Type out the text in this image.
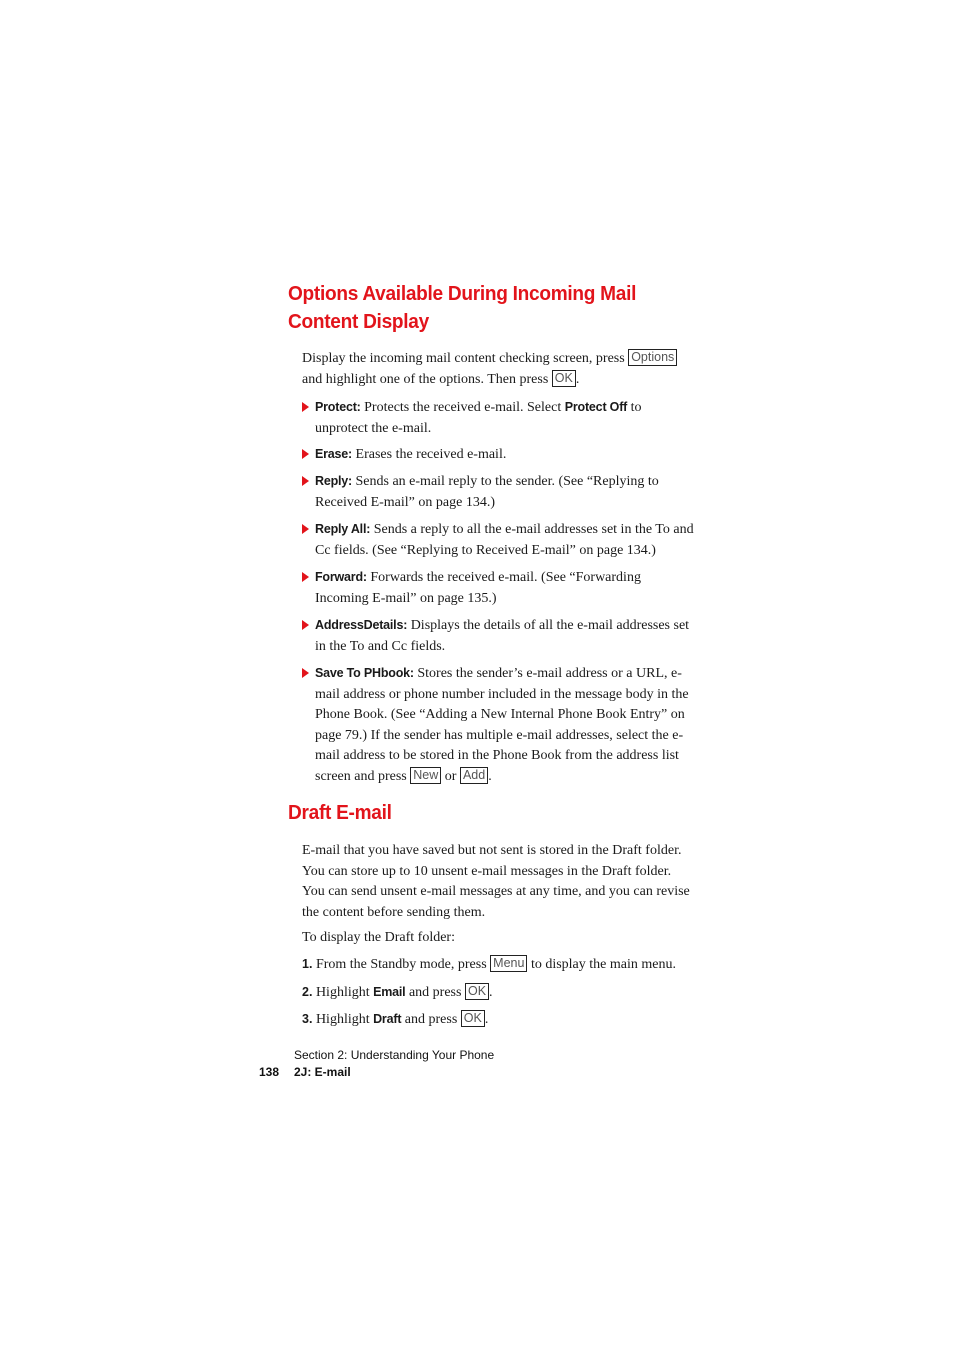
Options Available During Incoming Mail
Content Display
Display the incoming mail content checking screen, press Options and highlight one of the options. Then press OK .
Protect: Protects the received e-mail. Select Protect Off to unprotect the e-mail.
Erase: Erases the received e-mail.
Reply: Sends an e-mail reply to the sender. (See “Replying to Received E-mail” on page 134.)
Reply All: Sends a reply to all the e-mail addresses set in the To and Cc fields. (See “Replying to Received E-mail” on page 134.)
Forward: Forwards the received e-mail. (See “Forwarding Incoming E-mail” on page 135.)
AddressDetails: Displays the details of all the e-mail addresses set in the To and Cc fields.
Save To PHbook: Stores the sender’s e-mail address or a URL, e-mail address or phone number included in the message body in the Phone Book. (See “Adding a New Internal Phone Book Entry” on page 79.) If the sender has multiple e-mail addresses, select the e-mail address to be stored in the Phone Book from the address list screen and press New or Add .
Draft E-mail
E-mail that you have saved but not sent is stored in the Draft folder. You can store up to 10 unsent e-mail messages in the Draft folder. You can send unsent e-mail messages at any time, and you can revise the content before sending them.
To display the Draft folder:
1. From the Standby mode, press Menu to display the main menu.
2. Highlight Email and press OK .
3. Highlight Draft and press OK .
Section 2: Understanding Your Phone
138 2J: E-mail
